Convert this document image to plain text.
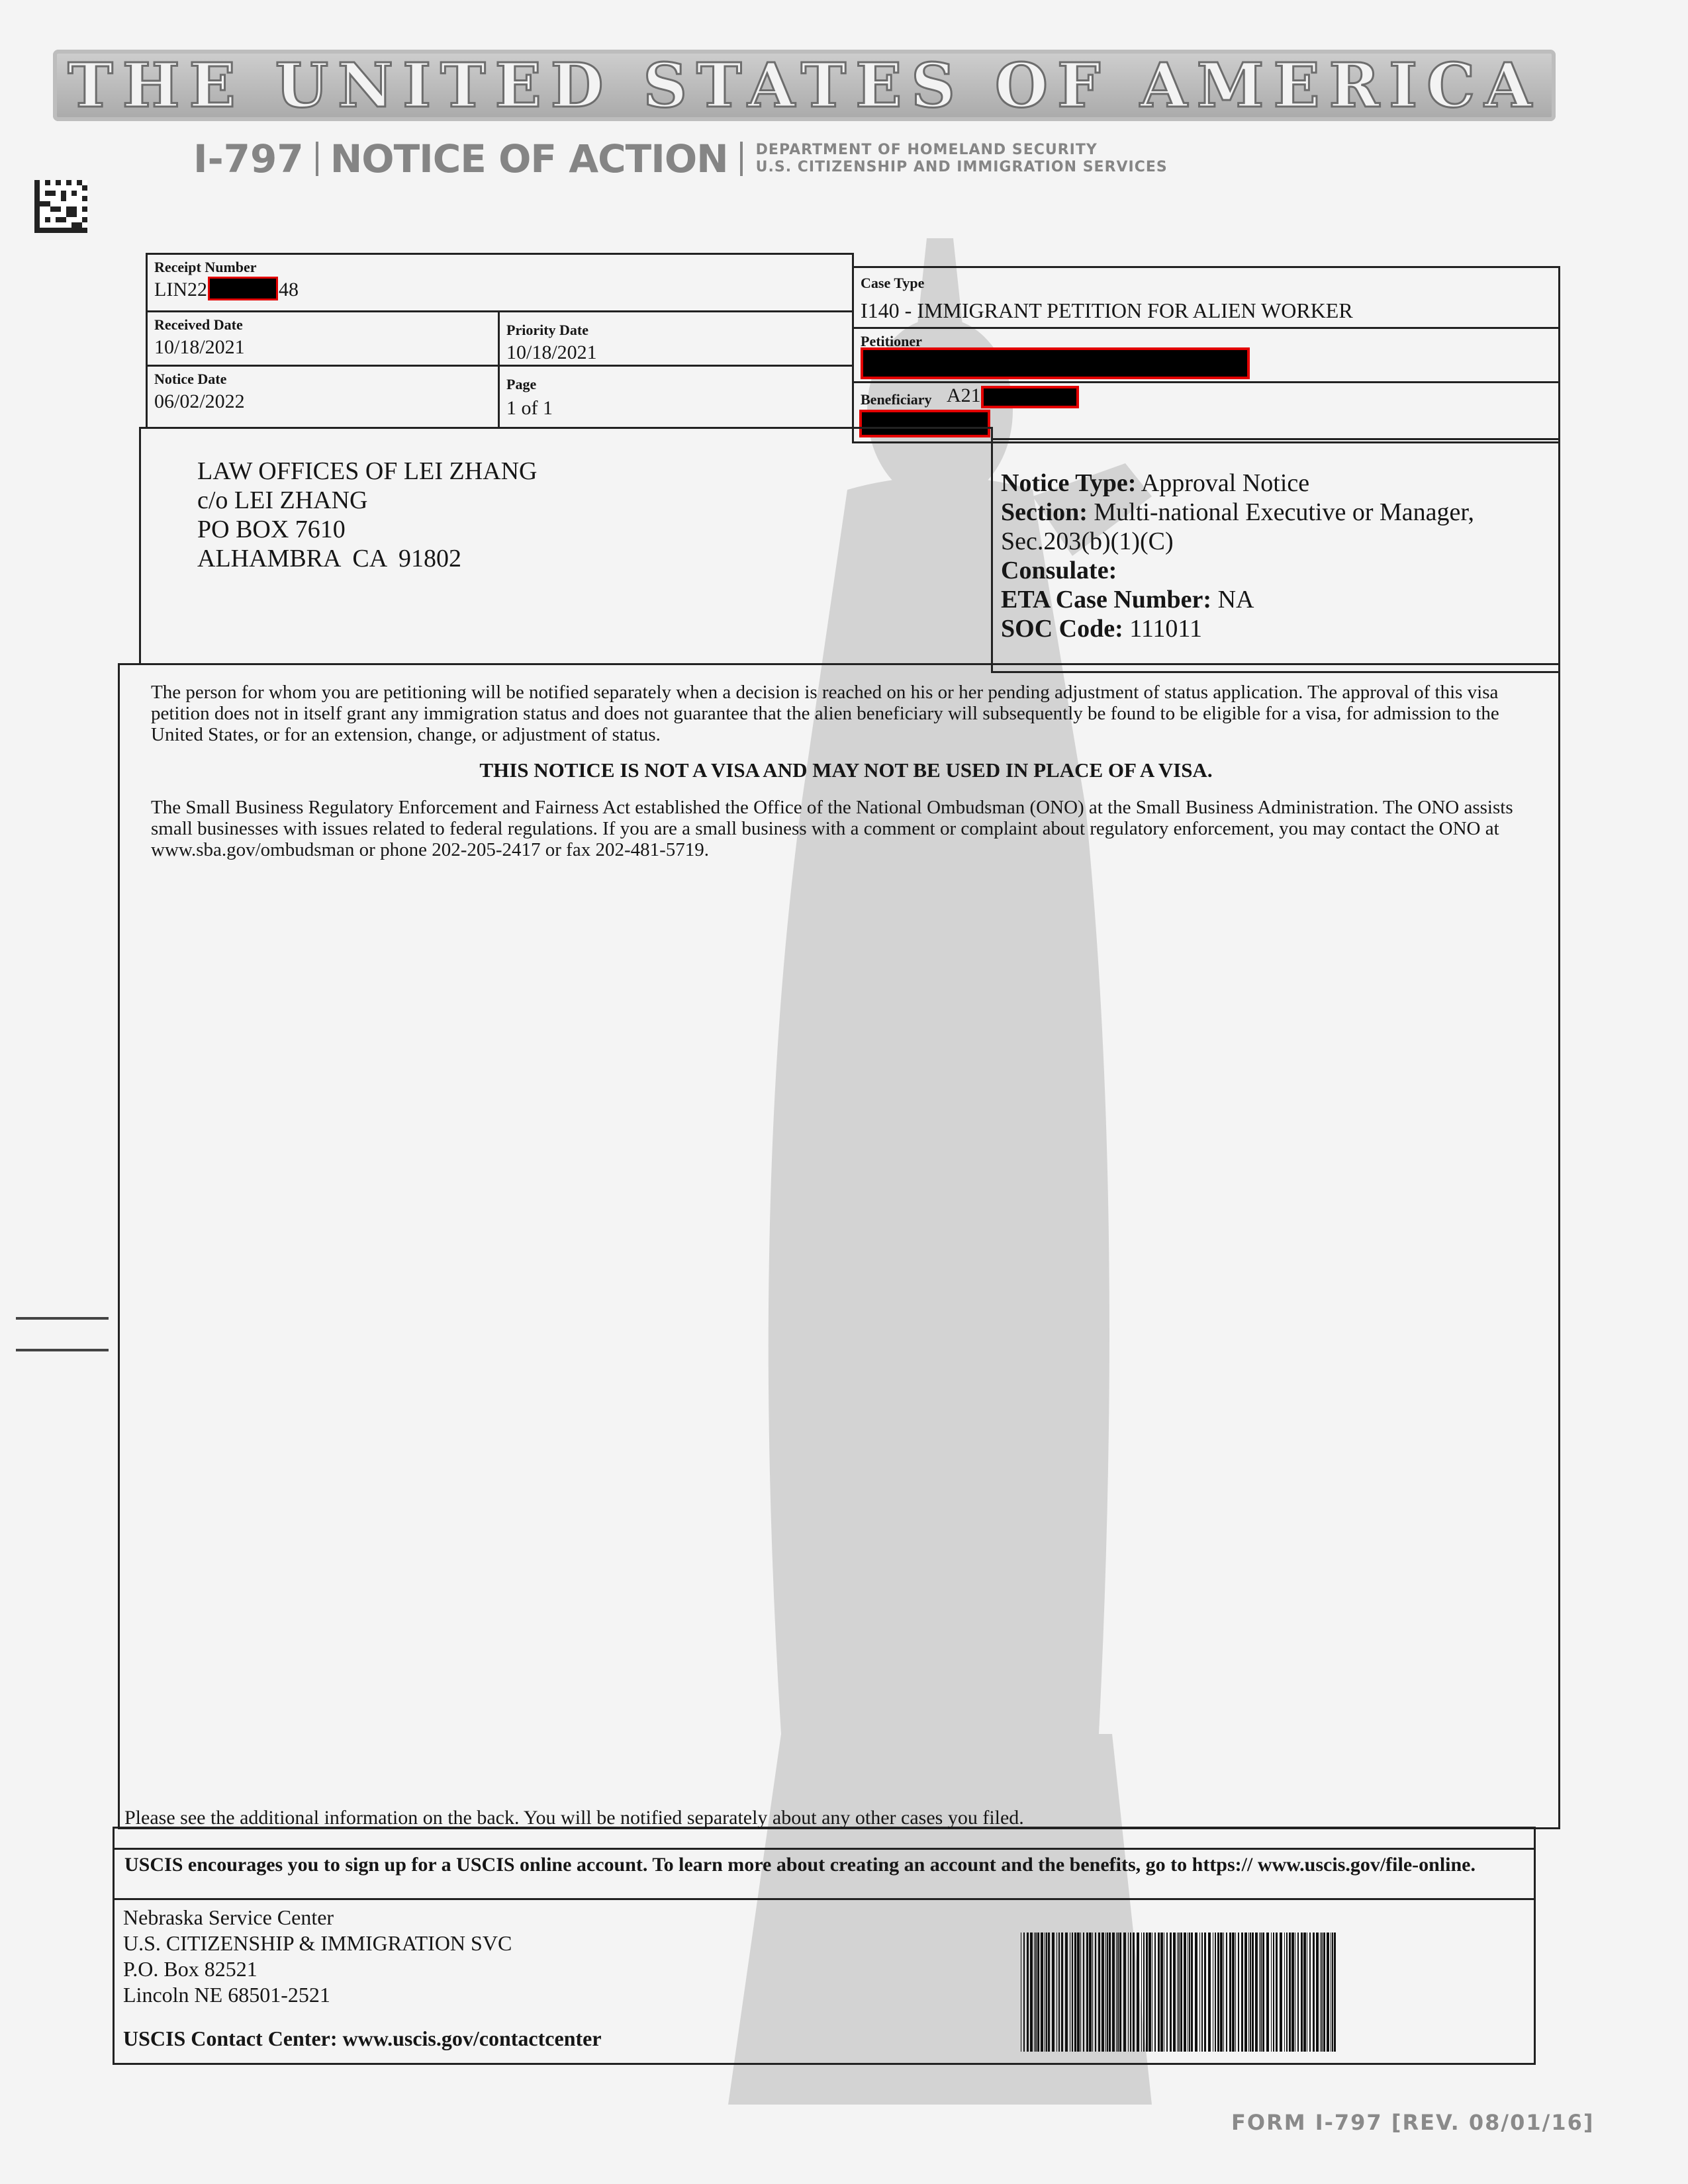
THE UNITED STATES OF AMERICA
I-797 NOTICE OF ACTION DEPARTMENT OF HOMELAND SECURITY
U.S. CITIZENSHIP AND IMMIGRATION SERVICES
Receipt Number
LIN22	48
Received Date
10/18/2021
Priority Date
10/18/2021
Notice Date
06/02/2022
Page
1 of 1
Case Type
I140 - IMMIGRANT PETITION FOR ALIEN WORKER
Petitioner
Beneficiary A21
LAW OFFICES OF LEI ZHANG
c/o LEI ZHANG
PO BOX 7610
ALHAMBRA  CA  91802
Notice Type: Approval Notice
Section: Multi-national Executive or Manager,
Sec.203(b)(1)(C)
Consulate:
ETA Case Number: NA
SOC Code: 111011

The person for whom you are petitioning will be notified separately when a decision is reached on his or her pending adjustment of status application. The approval of this visa petition does not in itself grant any immigration status and does not guarantee that the alien beneficiary will subsequently be found to be eligible for a visa, for admission to the United States, or for an extension, change, or adjustment of status.

THIS NOTICE IS NOT A VISA AND MAY NOT BE USED IN PLACE OF A VISA.

The Small Business Regulatory Enforcement and Fairness Act established the Office of the National Ombudsman (ONO) at the Small Business Administration. The ONO assists small businesses with issues related to federal regulations. If you are a small business with a comment or complaint about regulatory enforcement, you may contact the ONO at www.sba.gov/ombudsman or phone 202-205-2417 or fax 202-481-5719.

Please see the additional information on the back. You will be notified separately about any other cases you filed.
USCIS encourages you to sign up for a USCIS online account. To learn more about creating an account and the benefits, go to https:// www.uscis.gov/file-online.
Nebraska Service Center
U.S. CITIZENSHIP & IMMIGRATION SVC
P.O. Box 82521
Lincoln NE 68501-2521
USCIS Contact Center: www.uscis.gov/contactcenter
FORM I-797 [REV. 08/01/16]
